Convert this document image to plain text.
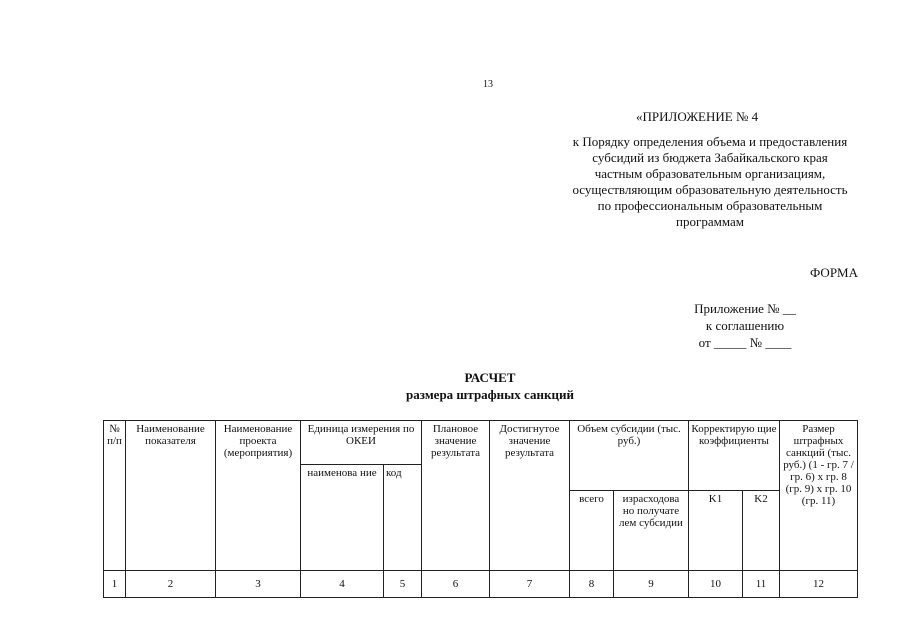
13
«ПРИЛОЖЕНИЕ № 4
к Порядку определения объема и предоставления
субсидий из бюджета Забайкальского края
частным образовательным организациям,
осуществляющим образовательную деятельность
по профессиональным образовательным
программам
ФОРМА
Приложение № __
к соглашению
от _____ № ____
РАСЧЕТ
размера штрафных санкций
№ п/п	Наименование показателя	Наименование проекта (мероприятия)	Единица измерения по ОКЕИ		Плановое значение результата	Достигнутое значение результата	Объем субсидии (тыс. руб.)		Корректирую щие коэффициенты		Размер штрафных санкций (тыс. руб.) (1 - гр. 7 / гр. 6) x гр. 8 (гр. 9) x гр. 10 (гр. 11)
			наименова ние	код							
							всего	израсходова но получате лем субсидии	K1	K2	
1	2	3	4	5	6	7	8	9	10	11	12
